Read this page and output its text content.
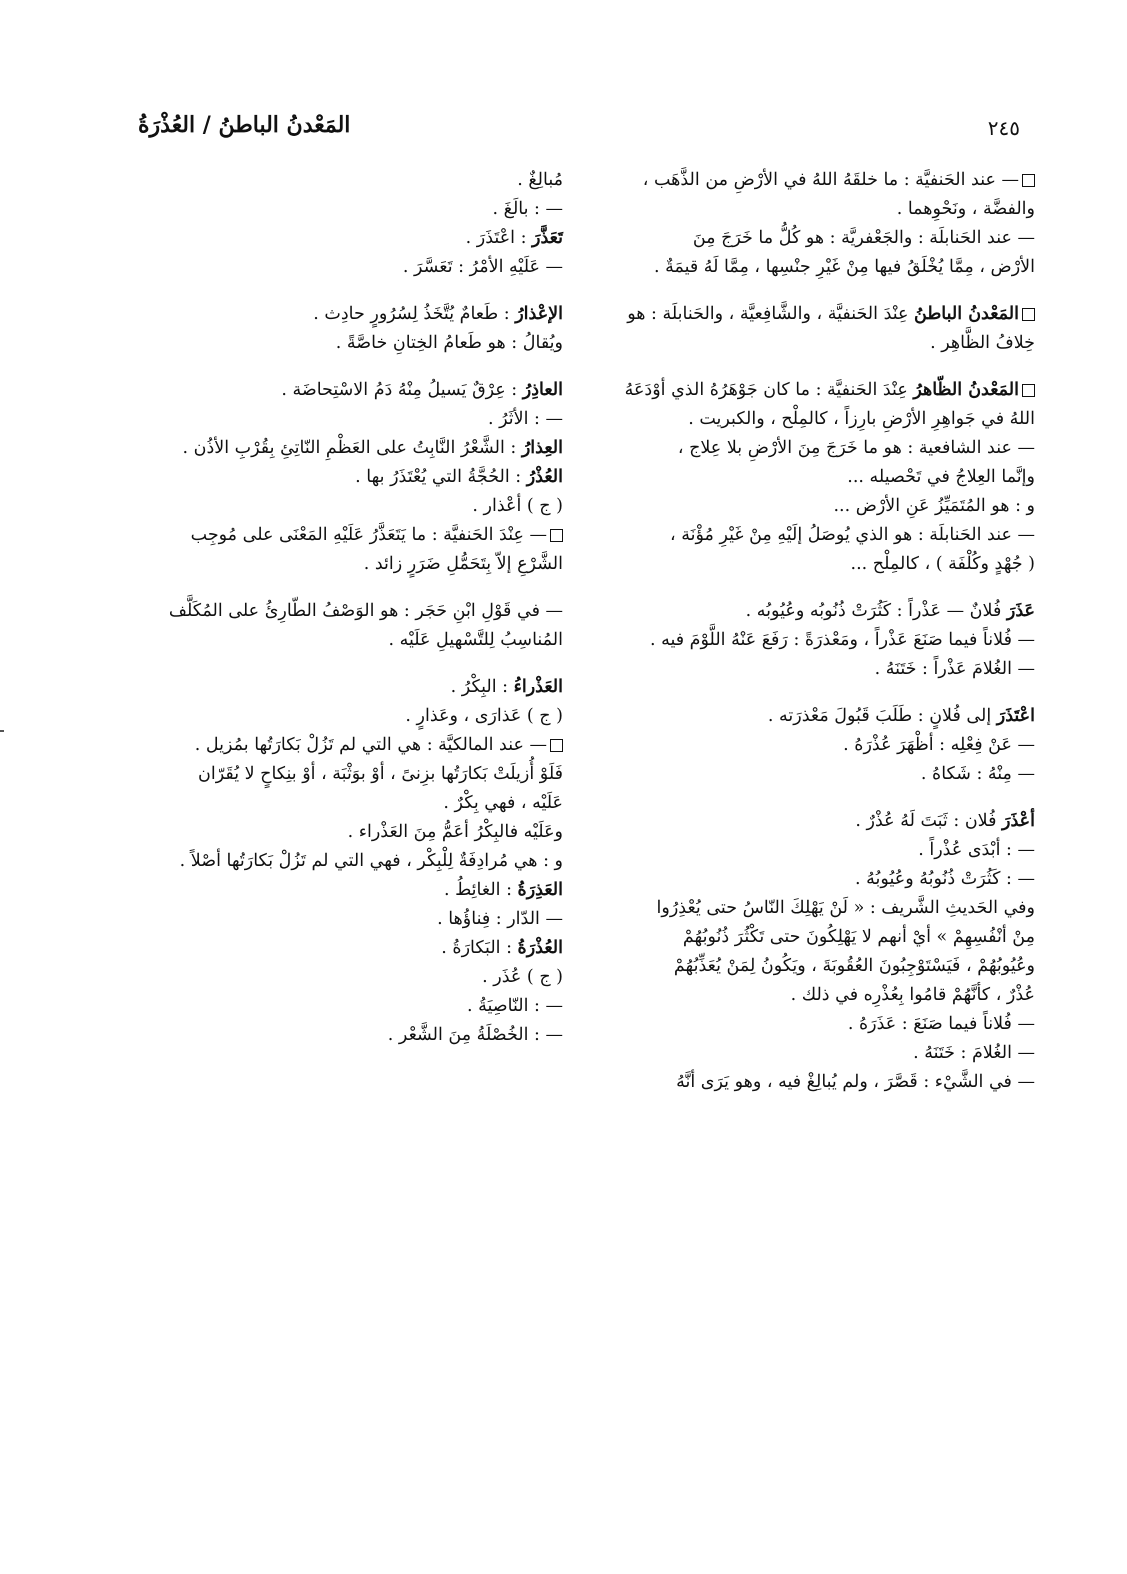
المَعْدنُ الباطنُ / العُذْرَةُ	٢٤٥
— عند الحَنفيَّة : ما خلقَهُ اللهُ في الأرْضِ من الذَّهَب ،
والفضَّة ، ونَحْوِهما .
— عند الحَنابلَة : والجَعْفريَّة : هو كُلُّ ما خَرَجَ مِنَ
الأرْض ، مِمَّا يُخْلَقُ فيها مِنْ غَيْرِ جنْسِها ، مِمَّا لَهُ قيمَةٌ .
المَعْدنُ الباطنُ عِنْدَ الحَنفيَّة ، والشَّافِعيَّة ، والحَنابلَة : هو
خِلافُ الظَّاهِر .
المَعْدنُ الظّاهرُ عِنْدَ الحَنفيَّة : ما كان جَوْهَرُهُ الذي أوْدَعَهُ
اللهُ في جَواهِرِ الأرْضِ بارِزاً ، كالمِلْح ، والكبريت .
— عند الشافعية : هو ما خَرَجَ مِنَ الأرْضِ بلا عِلاج ،
وإنَّما العِلاجُ في تَحْصيله ...
و : هو المُتَمَيِّزُ عَنِ الأرْض ...
— عند الحَنابلَة : هو الذي يُوصَلُ إلَيْهِ مِنْ غَيْرِ مُؤْنَة ،
( جُهْدٍ وكُلْفَة ) ، كالمِلْح ...
عَذَرَ فُلانٌ — عَذْراً : كَثُرَتْ ذُنُوبُه وعُيُوبُه .
— فُلاناً فيما صَنَعَ عَذْراً ، ومَعْذرَةً : رَفَعَ عَنْهُ اللَّوْمَ فيه .
— الغُلامَ عَذْراً : خَتَنَهُ .
اعْتَذَرَ إلى فُلانٍ : طَلَبَ قَبُولَ مَعْذرَته .
— عَنْ فِعْلِه : أظْهَرَ عُذْرَهُ .
— مِنْهُ : شَكاهُ .
أعْذَرَ فُلان : ثَبَتَ لَهُ عُذْرٌ .
— : أبْدَى عُذْراً .
— : كَثُرَتْ ذُنُوبُهُ وعُيُوبُهُ .
وفي الحَديثِ الشَّريف : « لَنْ يَهْلِكَ النّاسُ حتى يُعْذِرُوا
مِنْ أنْفُسِهِمْ » أيْ أنهم لا يَهْلِكُونَ حتى تَكْثُرَ ذُنُوبُهُمْ
وعُيُوبُهُمْ ، فَيَسْتَوْجِبُونَ العُقُوبَةَ ، ويَكُونُ لِمَنْ يُعَذِّبُهُمْ
عُذْرٌ ، كأنَّهُمْ قامُوا بِعُذْرِه في ذلك .
— فُلاناً فيما صَنَعَ : عَذَرَهُ .
— الغُلامَ : خَتَنَهُ .
— في الشَّيْء : قَصَّرَ ، ولم يُبالِغْ فيه ، وهو يَرَى أنَّهُ
مُبالِغٌ .
— : بالَغَ .
تَعَذَّرَ : اعْتَذَرَ .
— عَلَيْهِ الأمْرُ : تَعَسَّرَ .
الإعْذارُ : طَعامٌ يُتَّخَذُ لِسُرُورٍ حادِث .
ويُقالُ : هو طَعامُ الخِتانِ خاصَّةً .
العاذِرُ : عِرْقٌ يَسيلُ مِنْهُ دَمُ الاسْتِحاضَة .
— : الأثَرُ .
العِذارُ : الشَّعْرُ النَّابِتُ على العَظْمِ النّاتِئِ بِقُرْبِ الأذُن .
العُذْرُ : الحُجَّةُ التي يُعْتَذَرُ بها .
( ج ) أعْذار .
— عِنْدَ الحَنفيَّة : ما يَتَعَذَّرُ عَلَيْهِ المَعْنَى على مُوجِب
الشَّرْعِ إلاّ بِتَحَمُّلِ ضَرَرٍ زائد .
— في قَوْلِ ابْنِ حَجَر : هو الوَصْفُ الطّارِئُ على المُكَلَّف
المُناسِبُ لِلتَّسْهيلِ عَلَيْه .
العَذْراءُ : البِكْرُ .
( ج ) عَذارَى ، وعَذارٍ .
— عند المالكيَّة : هي التي لم تَزُلْ بَكارَتُها بمُزيل .
فَلَوْ أُزيلَتْ بَكارَتُها بزِنىً ، أوْ بوَثْبَة ، أوْ بنِكاحٍ لا يُقَرّان
عَلَيْه ، فهي بِكْرٌ .
وعَلَيْه فالبِكْرُ أعَمُّ مِنَ العَذْراء .
و : هي مُرادِفَةٌ لِلْبِكْر ، فهي التي لم تَزُلْ بَكارَتُها أصْلاً .
العَذِرَةُ : الغائِطُ .
— الدّار : فِناؤُها .
العُذْرَةُ : البَكارَةُ .
( ج ) عُذَر .
— : النّاصِيَةُ .
— : الخُصْلَةُ مِنَ الشَّعْر .
